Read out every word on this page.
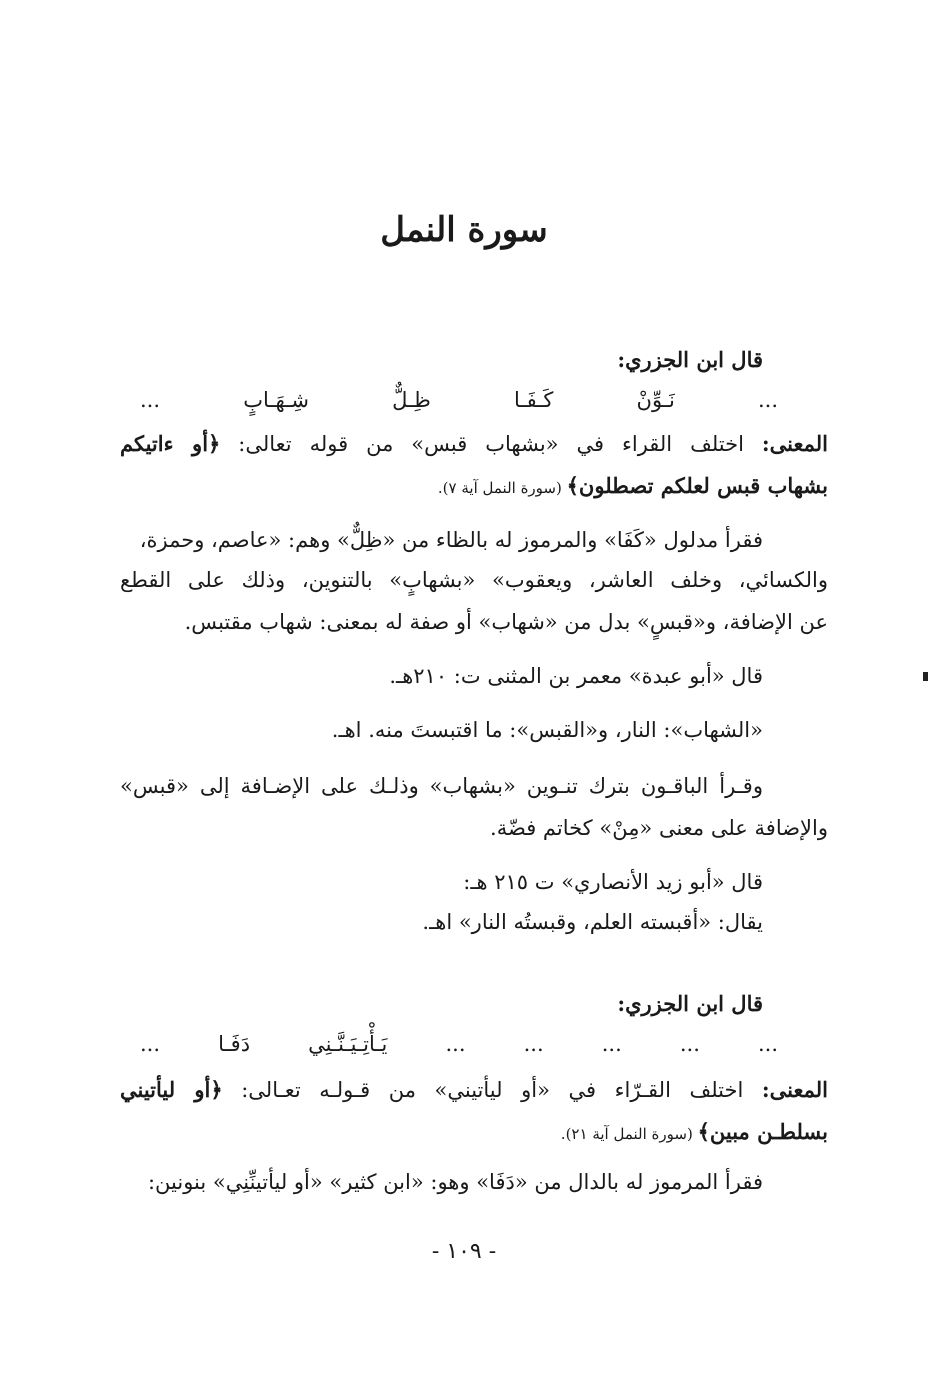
سورة النمل
قال ابن الجزري:
... نَـوِّنْ كَـفَـا ظِـلٌّ شِـهَـابٍ ...
المعنى: اختلف القراء في «بشهاب قبس» من قوله تعالى: ﴿أو ءاتيكم
بشهاب قبس لعلكم تصطلون﴾ (سورة النمل آية ٧).
فقرأ مدلول «كَفَا» والمرموز له بالظاء من «ظِلٌّ» وهم: «عاصم، وحمزة،
والكسائي، وخلف العاشر، ويعقوب» «بشهابٍ» بالتنوين، وذلك على القطع
عن الإضافة، و«قبسٍ» بدل من «شهاب» أو صفة له بمعنى: شهاب مقتبس.
قال «أبو عبدة» معمر بن المثنى ت: ٢١٠هـ.
«الشهاب»: النار، و«القبس»: ما اقتبستَ منه. اهـ.
وقـرأ الباقـون بترك تنـوين «بشهاب» وذلـك على الإضـافة إلى «قبس»
والإضافة على معنى «مِنْ» كخاتم فضّة.
قال «أبو زيد الأنصاري» ت ٢١٥ هـ:
يقال: «أقبسته العلم، وقبستُه النار» اهـ.
قال ابن الجزري:
... ... ... ... ... يَـأْتِـيَـنَّـنِي دَفَـا ...
المعنى: اختلف القـرّاء في «أو ليأتيني» من قـولـه تعـالى: ﴿أو ليأتيني
بسلطـن مبين﴾ (سورة النمل آية ٢١).
فقرأ المرموز له بالدال من «دَفَا» وهو: «ابن كثير» «أو ليأتينِّنِي» بنونين:
- ١٠٩ -
